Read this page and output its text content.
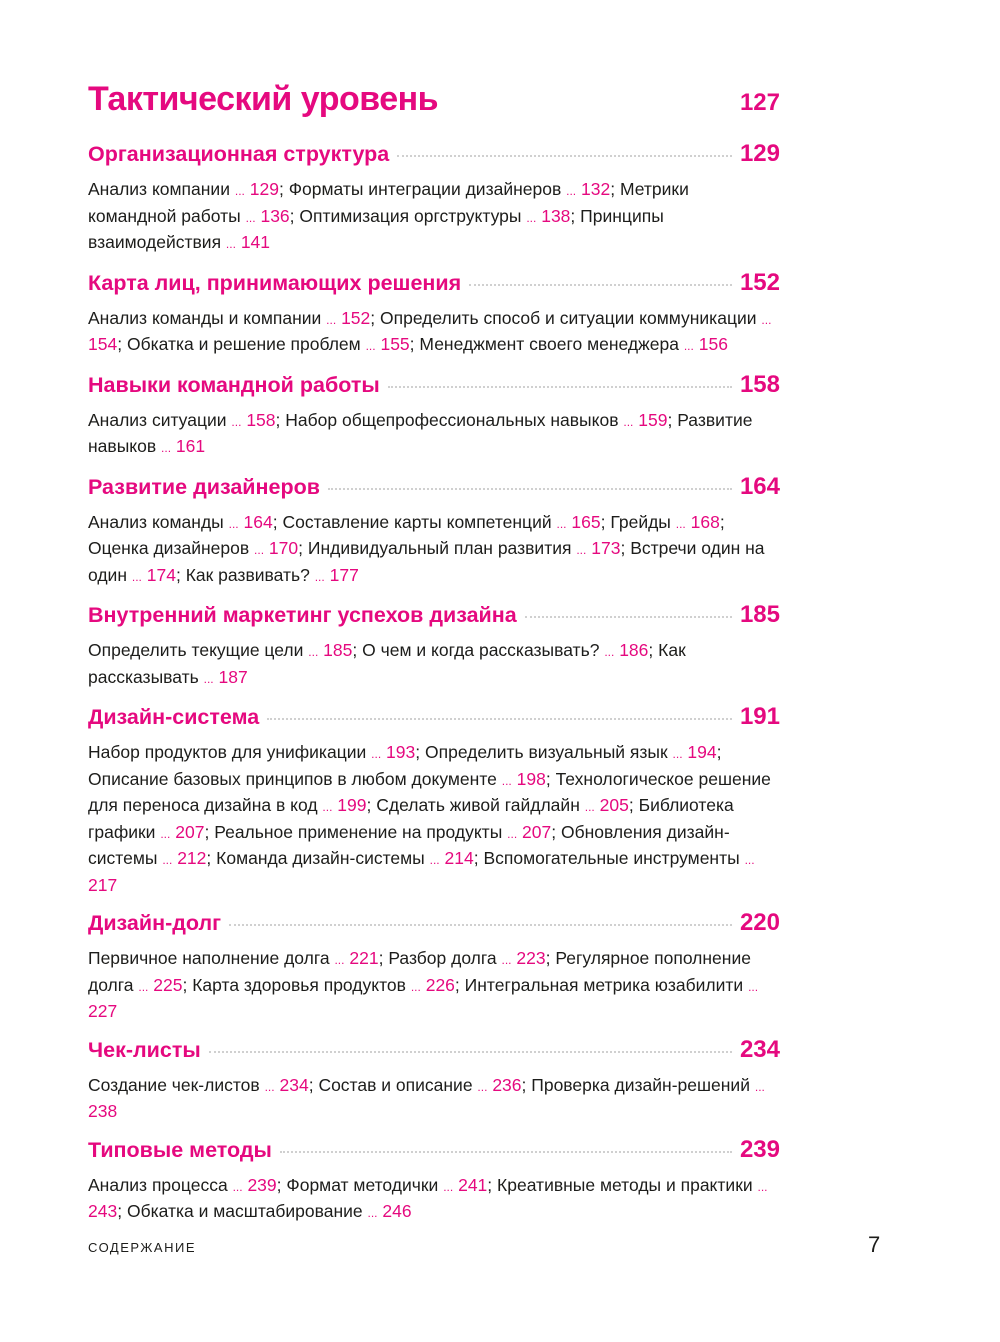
Тактический уровень	127
Организационная структура	129
Анализ компании ... 129; Форматы интеграции дизайнеров ... 132; Метрики командной работы ... 136; Оптимизация оргструктуры ... 138; Принципы взаимодействия ... 141
Карта лиц, принимающих решения	152
Анализ команды и компании ... 152; Определить способ и ситуации коммуникации ... 154; Обкатка и решение проблем ... 155; Менеджмент своего менеджера ... 156
Навыки командной работы	158
Анализ ситуации ... 158; Набор общепрофессиональных навыков ... 159; Развитие навыков ... 161
Развитие дизайнеров	164
Анализ команды ... 164; Составление карты компетенций ... 165; Грейды ... 168; Оценка дизайнеров ... 170; Индивидуальный план развития ... 173; Встречи один на один ... 174; Как развивать? ... 177
Внутренний маркетинг успехов дизайна	185
Определить текущие цели ... 185; О чем и когда рассказывать? ... 186; Как рассказывать ... 187
Дизайн-система	191
Набор продуктов для унификации ... 193; Определить визуальный язык ... 194; Описание базовых принципов в любом документе ... 198; Технологическое решение для переноса дизайна в код ... 199; Сделать живой гайдлайн ... 205; Библиотека графики ... 207; Реальное применение на продукты ... 207; Обновления дизайн-системы ... 212; Команда дизайн-системы ... 214; Вспомогательные инструменты ... 217
Дизайн-долг	220
Первичное наполнение долга ... 221; Разбор долга ... 223; Регулярное пополнение долга ... 225; Карта здоровья продуктов ... 226; Интегральная метрика юзабилити ... 227
Чек-листы	234
Создание чек-листов ... 234; Состав и описание ... 236; Проверка дизайн-решений ... 238
Типовые методы	239
Анализ процесса ... 239; Формат методички ... 241; Креативные методы и практики ... 243; Обкатка и масштабирование ... 246
СОДЕРЖАНИЕ	7
